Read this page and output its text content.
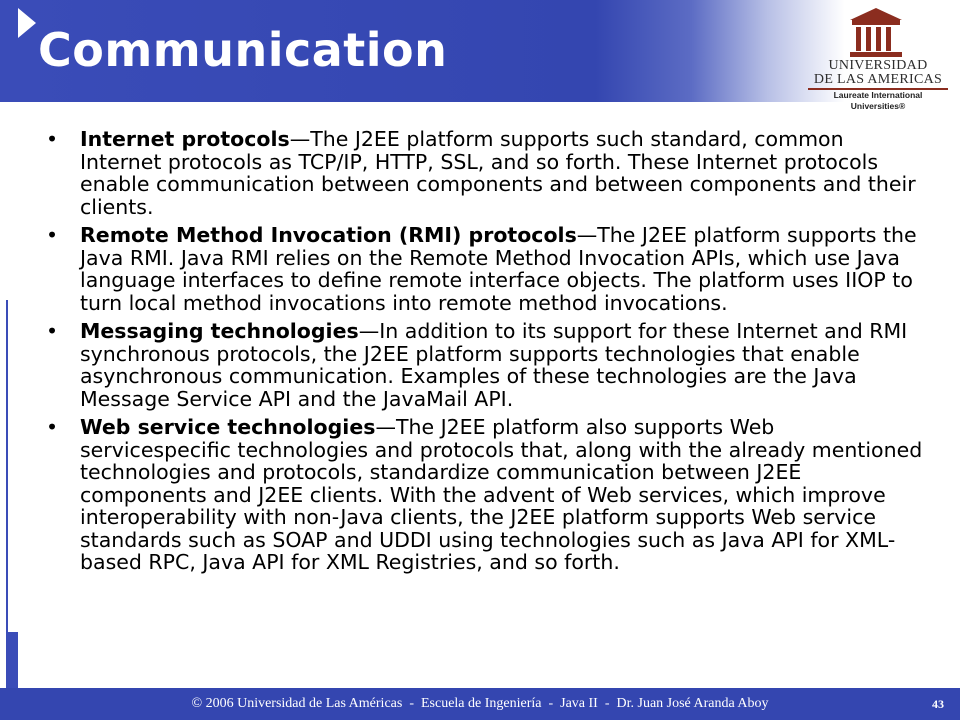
Communication	UNIVERSIDAD
DE LAS AMERICAS
Laureate International Universities®
• Internet protocols—The J2EE platform supports such standard, common Internet protocols as TCP/IP, HTTP, SSL, and so forth. These Internet protocols enable communication between components and between components and their clients.
• Remote Method Invocation (RMI) protocols—The J2EE platform supports the Java RMI. Java RMI relies on the Remote Method Invocation APIs, which use Java language interfaces to define remote interface objects. The platform uses IIOP to turn local method invocations into remote method invocations.
• Messaging technologies—In addition to its support for these Internet and RMI synchronous protocols, the J2EE platform supports technologies that enable asynchronous communication. Examples of these technologies are the Java Message Service API and the JavaMail API.
• Web service technologies—The J2EE platform also supports Web servicespecific technologies and protocols that, along with the already mentioned technologies and protocols, standardize communication between J2EE components and J2EE clients. With the advent of Web services, which improve interoperability with non-Java clients, the J2EE platform supports Web service standards such as SOAP and UDDI using technologies such as Java API for XML-based RPC, Java API for XML Registries, and so forth.
© 2006 Universidad de Las Américas  -  Escuela de Ingeniería  -  Java II  -  Dr. Juan José Aranda Aboy	43
